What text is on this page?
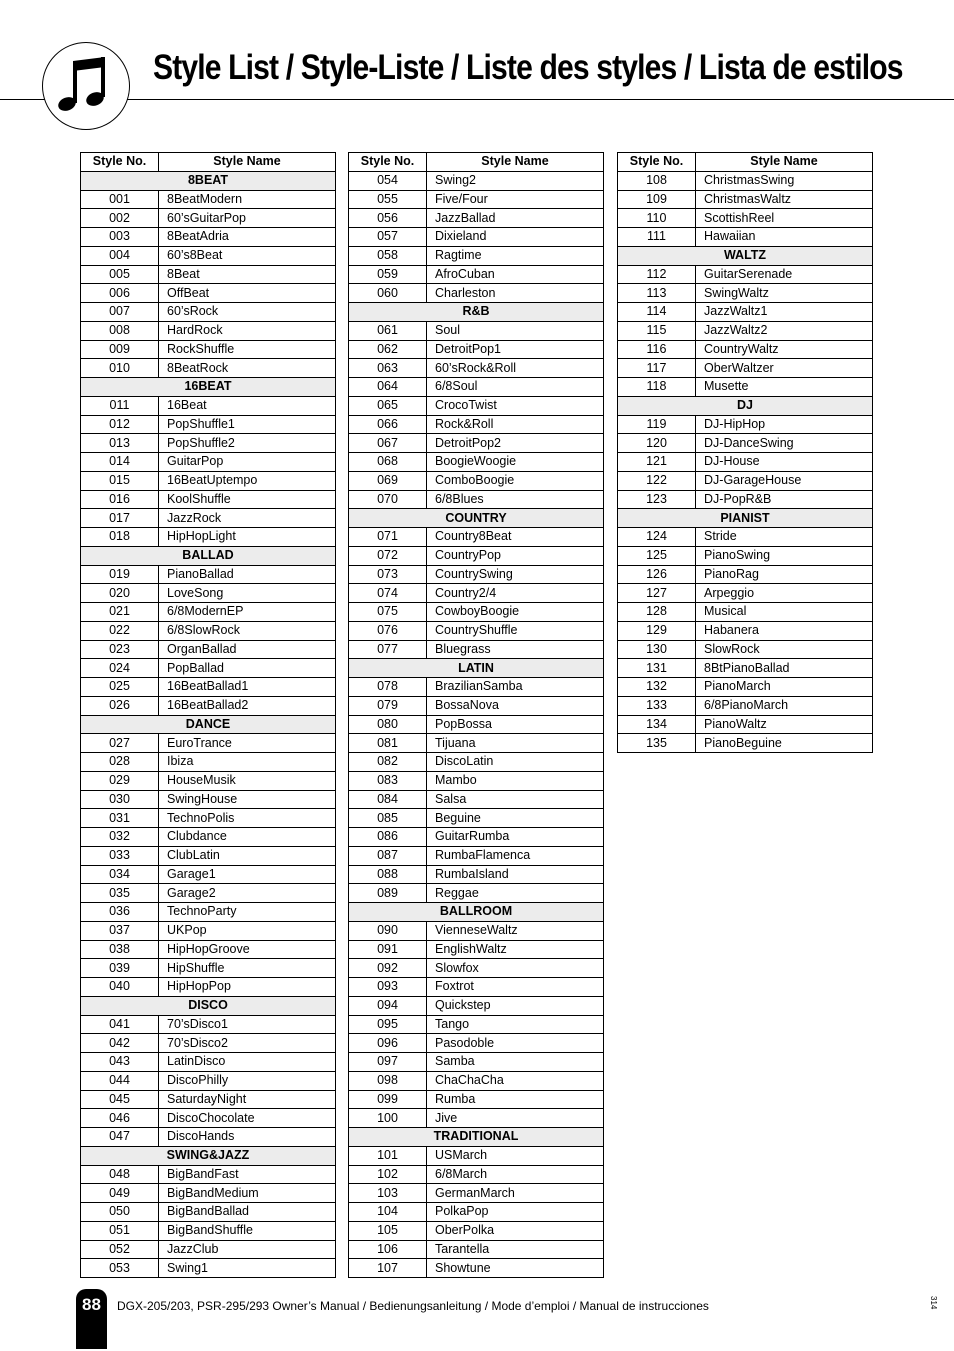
Style List / Style-Liste / Liste des styles / Lista de estilos
Style No.	Style Name
8BEAT	
001	8BeatModern
002	60’sGuitarPop
003	8BeatAdria
004	60’s8Beat
005	8Beat
006	OffBeat
007	60’sRock
008	HardRock
009	RockShuffle
010	8BeatRock
16BEAT	
011	16Beat
012	PopShuffle1
013	PopShuffle2
014	GuitarPop
015	16BeatUptempo
016	KoolShuffle
017	JazzRock
018	HipHopLight
BALLAD	
019	PianoBallad
020	LoveSong
021	6/8ModernEP
022	6/8SlowRock
023	OrganBallad
024	PopBallad
025	16BeatBallad1
026	16BeatBallad2
DANCE	
027	EuroTrance
028	Ibiza
029	HouseMusik
030	SwingHouse
031	TechnoPolis
032	Clubdance
033	ClubLatin
034	Garage1
035	Garage2
036	TechnoParty
037	UKPop
038	HipHopGroove
039	HipShuffle
040	HipHopPop
DISCO	
041	70’sDisco1
042	70’sDisco2
043	LatinDisco
044	DiscoPhilly
045	SaturdayNight
046	DiscoChocolate
047	DiscoHands
SWING&JAZZ	
048	BigBandFast
049	BigBandMedium
050	BigBandBallad
051	BigBandShuffle
052	JazzClub
053	Swing1
Style No.	Style Name
054	Swing2
055	Five/Four
056	JazzBallad
057	Dixieland
058	Ragtime
059	AfroCuban
060	Charleston
R&B	
061	Soul
062	DetroitPop1
063	60’sRock&Roll
064	6/8Soul
065	CrocoTwist
066	Rock&Roll
067	DetroitPop2
068	BoogieWoogie
069	ComboBoogie
070	6/8Blues
COUNTRY	
071	Country8Beat
072	CountryPop
073	CountrySwing
074	Country2/4
075	CowboyBoogie
076	CountryShuffle
077	Bluegrass
LATIN	
078	BrazilianSamba
079	BossaNova
080	PopBossa
081	Tijuana
082	DiscoLatin
083	Mambo
084	Salsa
085	Beguine
086	GuitarRumba
087	RumbaFlamenca
088	RumbaIsland
089	Reggae
BALLROOM	
090	VienneseWaltz
091	EnglishWaltz
092	Slowfox
093	Foxtrot
094	Quickstep
095	Tango
096	Pasodoble
097	Samba
098	ChaChaCha
099	Rumba
100	Jive
TRADITIONAL	
101	USMarch
102	6/8March
103	GermanMarch
104	PolkaPop
105	OberPolka
106	Tarantella
107	Showtune
Style No.	Style Name
108	ChristmasSwing
109	ChristmasWaltz
110	ScottishReel
111	Hawaiian
WALTZ	
112	GuitarSerenade
113	SwingWaltz
114	JazzWaltz1
115	JazzWaltz2
116	CountryWaltz
117	OberWaltzer
118	Musette
DJ	
119	DJ-HipHop
120	DJ-DanceSwing
121	DJ-House
122	DJ-GarageHouse
123	DJ-PopR&B
PIANIST	
124	Stride
125	PianoSwing
126	PianoRag
127	Arpeggio
128	Musical
129	Habanera
130	SlowRock
131	8BtPianoBallad
132	PianoMarch
133	6/8PianoMarch
134	PianoWaltz
135	PianoBeguine
88	DGX-205/203, PSR-295/293 Owner’s Manual / Bedienungsanleitung / Mode d’emploi / Manual de instrucciones	314
